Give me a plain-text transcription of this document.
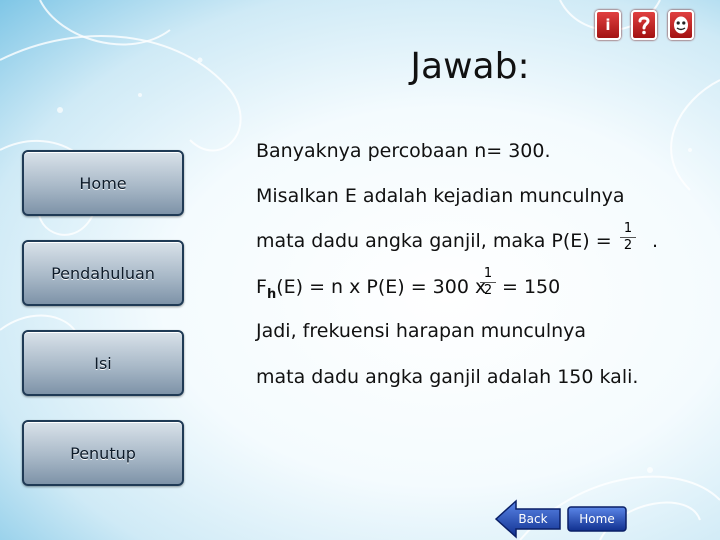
i
Jawab:
Home
Pendahuluan
Isi
Penutup
Banyaknya percobaan n= 300.
Misalkan E adalah kejadian munculnya
mata dadu angka ganjil, maka $P(E) = \frac{1}{2}$ .
$F_h(E) = n$ x P(E) = 300 x
$\frac{1}{2} = 150$
Jadi, frekuensi harapan munculnya
mata dadu angka ganjil adalah 150 kali.
Back	Home
